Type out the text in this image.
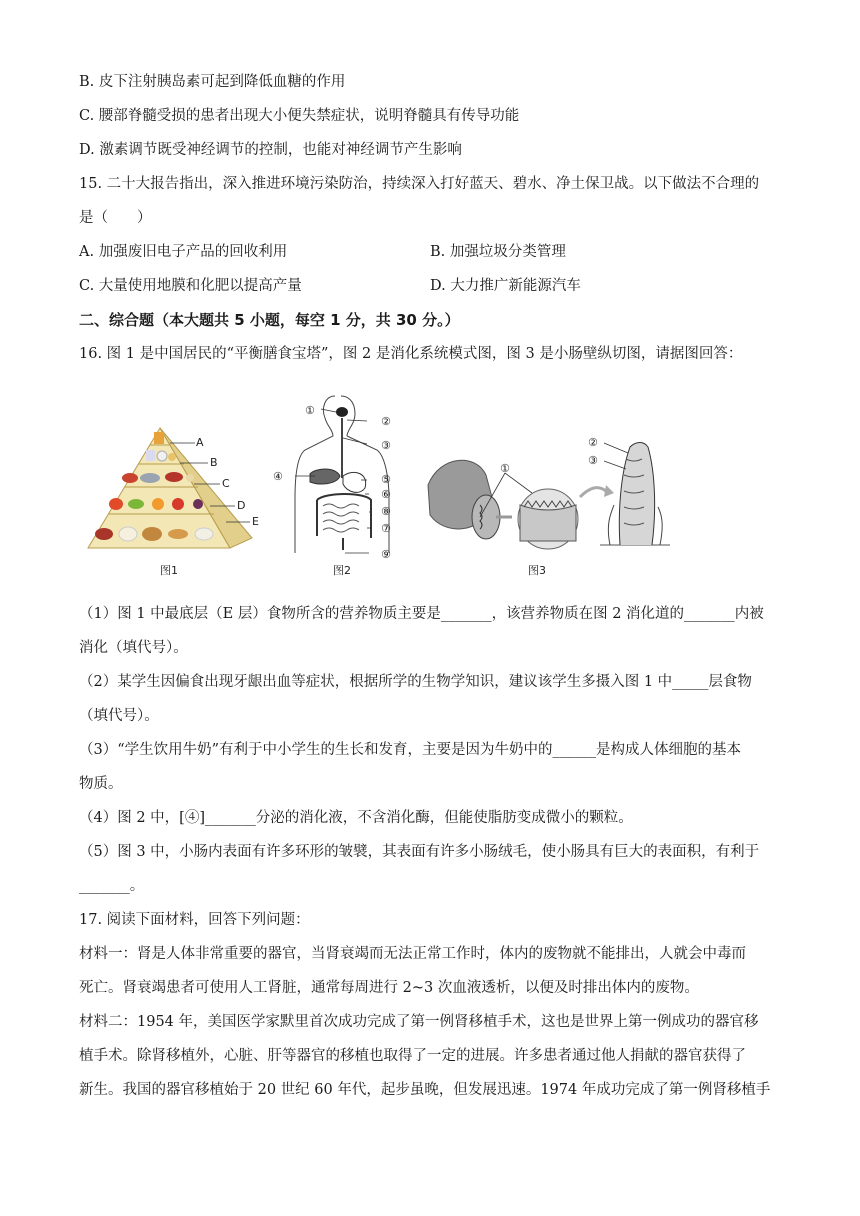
B. 皮下注射胰岛素可起到降低血糖的作用
C. 腰部脊髓受损的患者出现大小便失禁症状，说明脊髓具有传导功能
D. 激素调节既受神经调节的控制，也能对神经调节产生影响
15. 二十大报告指出，深入推进环境污染防治，持续深入打好蓝天、碧水、净土保卫战。以下做法不合理的
是（　　）
A. 加强废旧电子产品的回收利用	B. 加强垃圾分类管理
C. 大量使用地膜和化肥以提高产量	D. 大力推广新能源汽车
二、综合题（本大题共 5 小题，每空 1 分，共 30 分。）
16. 图 1 是中国居民的“平衡膳食宝塔”，图 2 是消化系统模式图，图 3 是小肠壁纵切图，请据图回答：
A
B
C
D
E
图1
①
②
③
④	⑤
⑥
⑧
⑦
⑨
图2
①
②
③
图3
（1）图 1 中最底层（E 层）食物所含的营养物质主要是_______，该营养物质在图 2 消化道的_______内被
消化（填代号）。
（2）某学生因偏食出现牙龈出血等症状，根据所学的生物学知识，建议该学生多摄入图 1 中_____层食物
（填代号）。
（3）“学生饮用牛奶”有利于中小学生的生长和发育，主要是因为牛奶中的______是构成人体细胞的基本
物质。
（4）图 2 中，[④]_______分泌的消化液，不含消化酶，但能使脂肪变成微小的颗粒。
（5）图 3 中，小肠内表面有许多环形的皱襞，其表面有许多小肠绒毛，使小肠具有巨大的表面积，有利于
_______。
17. 阅读下面材料，回答下列问题：
材料一：肾是人体非常重要的器官，当肾衰竭而无法正常工作时，体内的废物就不能排出，人就会中毒而
死亡。肾衰竭患者可使用人工肾脏，通常每周进行 2~3 次血液透析，以便及时排出体内的废物。
材料二：1954 年，美国医学家默里首次成功完成了第一例肾移植手术，这也是世界上第一例成功的器官移
植手术。除肾移植外，心脏、肝等器官的移植也取得了一定的进展。许多患者通过他人捐献的器官获得了
新生。我国的器官移植始于 20 世纪 60 年代，起步虽晚，但发展迅速。1974 年成功完成了第一例肾移植手
